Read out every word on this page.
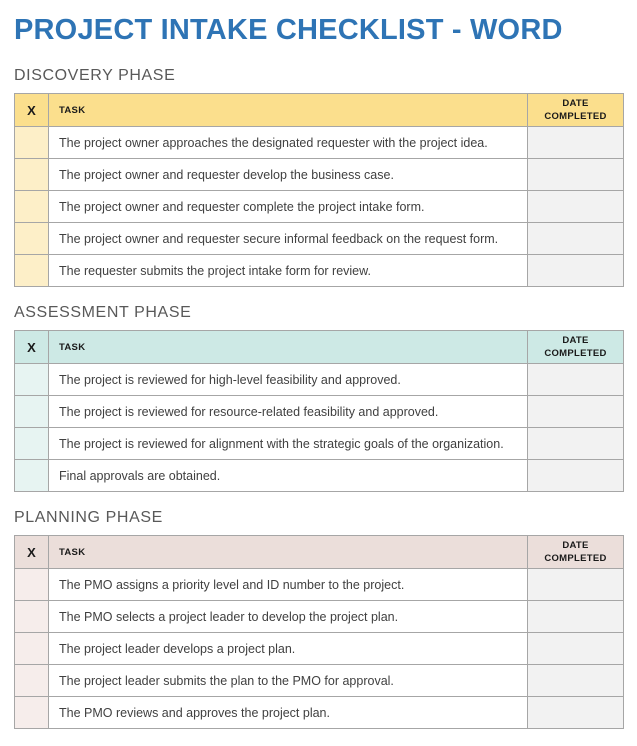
PROJECT INTAKE CHECKLIST - WORD
DISCOVERY PHASE
X	TASK	DATE COMPLETED
	The project owner approaches the designated requester with the project idea.	
	The project owner and requester develop the business case.	
	The project owner and requester complete the project intake form.	
	The project owner and requester secure informal feedback on the request form.	
	The requester submits the project intake form for review.	
ASSESSMENT PHASE
X	TASK	DATE COMPLETED
	The project is reviewed for high-level feasibility and approved.	
	The project is reviewed for resource-related feasibility and approved.	
	The project is reviewed for alignment with the strategic goals of the organization.	
	Final approvals are obtained.	
PLANNING PHASE
X	TASK	DATE COMPLETED
	The PMO assigns a priority level and ID number to the project.	
	The PMO selects a project leader to develop the project plan.	
	The project leader develops a project plan.	
	The project leader submits the plan to the PMO for approval.	
	The PMO reviews and approves the project plan.	
